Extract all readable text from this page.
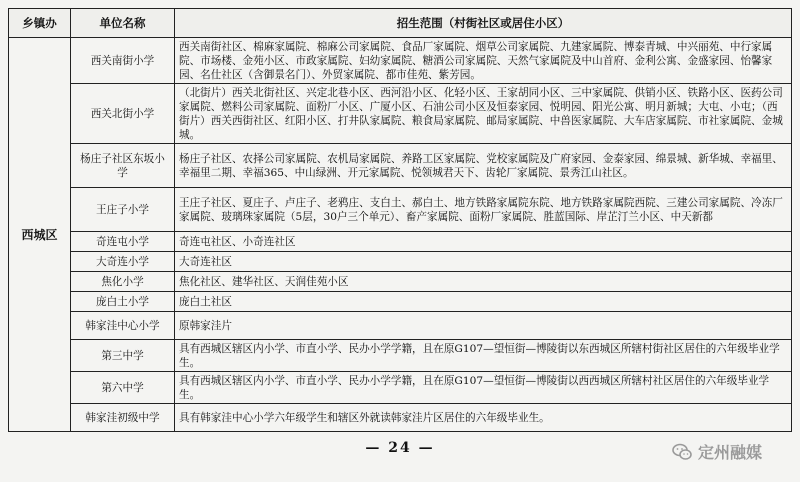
乡镇办	单位名称	招生范围（村街社区或居住小区）
西城区	西关南街小学	西关南街社区、棉麻家属院、棉麻公司家属院、食品厂家属院、烟草公司家属院、九建家属院、博泰青城、中兴丽苑、中行家属院、市场楼、金苑小区、市政家属院、妇幼家属院、糖酒公司家属院、天然气家属院及中山首府、金利公寓、金盛家园、怡馨家园、名仕社区（含御景名门）、外贸家属院、都市佳苑、紫芳园。
	西关北街小学	（北街片）西关北街社区、兴定北巷小区、西河沿小区、化轻小区、王家胡同小区、三中家属院、供销小区、铁路小区、医药公司家属院、燃料公司家属院、面粉厂小区、广厦小区、石油公司小区及恒泰家园、悦明园、阳光公寓、明月新城；大屯、小屯；（西街片）西关西街社区、红阳小区、打井队家属院、粮食局家属院、邮局家属院、中兽医家属院、大车店家属院、市社家属院、金城城。
	杨庄子社区东坂小学	杨庄子社区、农择公司家属院、农机局家属院、养路工区家属院、党校家属院及广府家园、金泰家园、绵景城、新华城、幸福里、幸福里二期、幸福365、中山绿洲、开元家属院、悦领城君天下、齿轮厂家属院、景秀江山社区。
	王庄子小学	王庄子社区、夏庄子、卢庄子、老鸦庄、支白土、郝白土、地方铁路家属院东院、地方铁路家属院西院、三建公司家属院、冷冻厂家属院、玻璃珠家属院（5层，30户三个单元）、畜产家属院、面粉厂家属院、胜蓝国际、岸芷汀兰小区、中天新都
	奇连屯小学	奇连屯社区、小奇连社区
	大奇连小学	大奇连社区
	焦化小学	焦化社区、建华社区、天润佳苑小区
	庞白土小学	庞白土社区
	韩家洼中心小学	原韩家洼片
	第三中学	具有西城区辖区内小学、市直小学、民办小学学籍，且在原G107—望恒街—博陵街以东西城区所辖村街社区居住的六年级毕业学生。
	第六中学	具有西城区辖区内小学、市直小学、民办小学学籍，且在原G107—望恒街—博陵街以西西城区所辖村社区居住的六年级毕业学生。
	韩家洼初级中学	具有韩家洼中心小学六年级学生和辖区外就读韩家洼片区居住的六年级毕业生。
— 24 —	定州融媒
